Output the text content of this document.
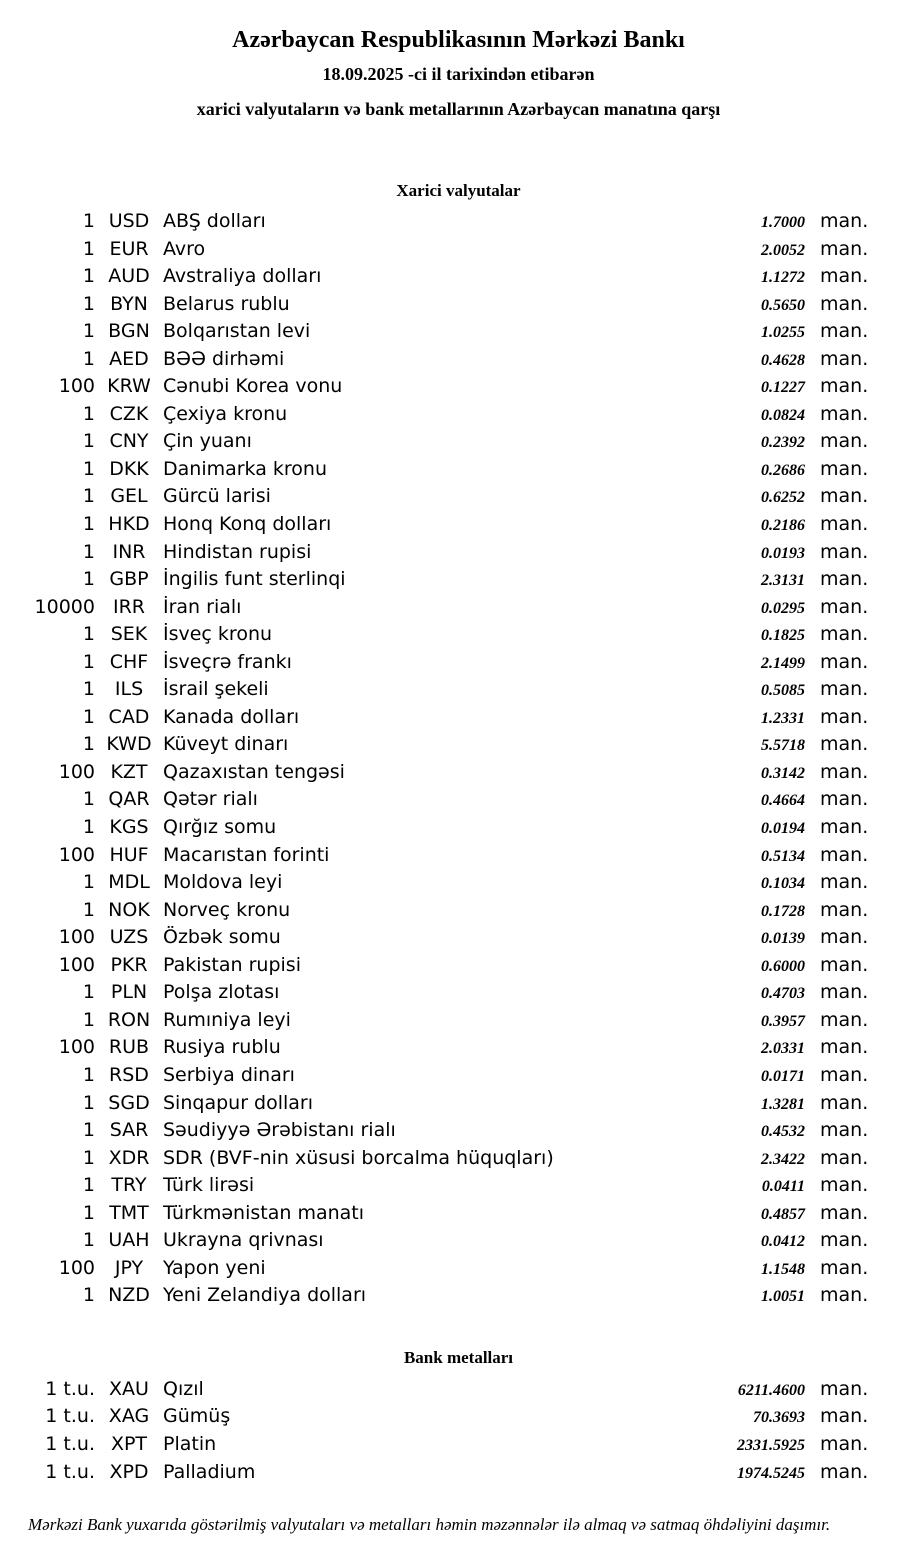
Azərbaycan Respublikasının Mərkəzi Bankı
18.09.2025 -ci il tarixindən etibarən
xarici valyutaların və bank metallarının Azərbaycan manatına qarşı
Xarici valyutalar
1 USD ABŞ dolları	1.7000 man.
1 EUR Avro	2.0052 man.
1 AUD Avstraliya dolları	1.1272 man.
1 BYN Belarus rublu	0.5650 man.
1 BGN Bolqarıstan levi	1.0255 man.
1 AED BƏƏ dirhəmi	0.4628 man.
100 KRW Cənubi Korea vonu	0.1227 man.
1 CZK Çexiya kronu	0.0824 man.
1 CNY Çin yuanı	0.2392 man.
1 DKK Danimarka kronu	0.2686 man.
1 GEL Gürcü larisi	0.6252 man.
1 HKD Honq Konq dolları	0.2186 man.
1 INR Hindistan rupisi	0.0193 man.
1 GBP İngilis funt sterlinqi	2.3131 man.
10000 IRR İran rialı	0.0295 man.
1 SEK İsveç kronu	0.1825 man.
1 CHF İsveçrə frankı	2.1499 man.
1	ILS	İsrail şekeli	0.5085 man.
1 CAD Kanada dolları	1.2331 man.
1 KWD Küveyt dinarı	5.5718 man.
100 KZT Qazaxıstan tengəsi	0.3142 man.
1 QAR Qətər rialı	0.4664 man.
1 KGS Qırğız somu	0.0194 man.
100 HUF Macarıstan forinti	0.5134 man.
1 MDL Moldova leyi	0.1034 man.
1 NOK Norveç kronu	0.1728 man.
100 UZS Özbək somu	0.0139 man.
100 PKR Pakistan rupisi	0.6000 man.
1 PLN Polşa zlotası	0.4703 man.
1 RON Rumıniya leyi	0.3957 man.
100 RUB Rusiya rublu	2.0331 man.
1 RSD Serbiya dinarı	0.0171 man.
1 SGD Sinqapur dolları	1.3281 man.
1 SAR Səudiyyə Ərəbistanı rialı	0.4532 man.
1 XDR SDR (BVF-nin xüsusi borcalma hüquqları)	2.3422 man.
1 TRY Türk lirəsi	0.0411 man.
1 TMT Türkmənistan manatı	0.4857 man.
1 UAH Ukrayna qrivnası	0.0412 man.
100	JPY	Yapon yeni	1.1548 man.
1 NZD Yeni Zelandiya dolları	1.0051 man.
Bank metalları
1 t.u. XAU Qızıl	6211.4600 man.
1 t.u. XAG Gümüş	70.3693 man.
1 t.u. XPT Platin	2331.5925 man.
1 t.u. XPD Palladium	1974.5245 man.
Mərkəzi Bank yuxarıda göstərilmiş valyutaları və metalları həmin məzənnələr ilə almaq və satmaq öhdəliyini daşımır.
